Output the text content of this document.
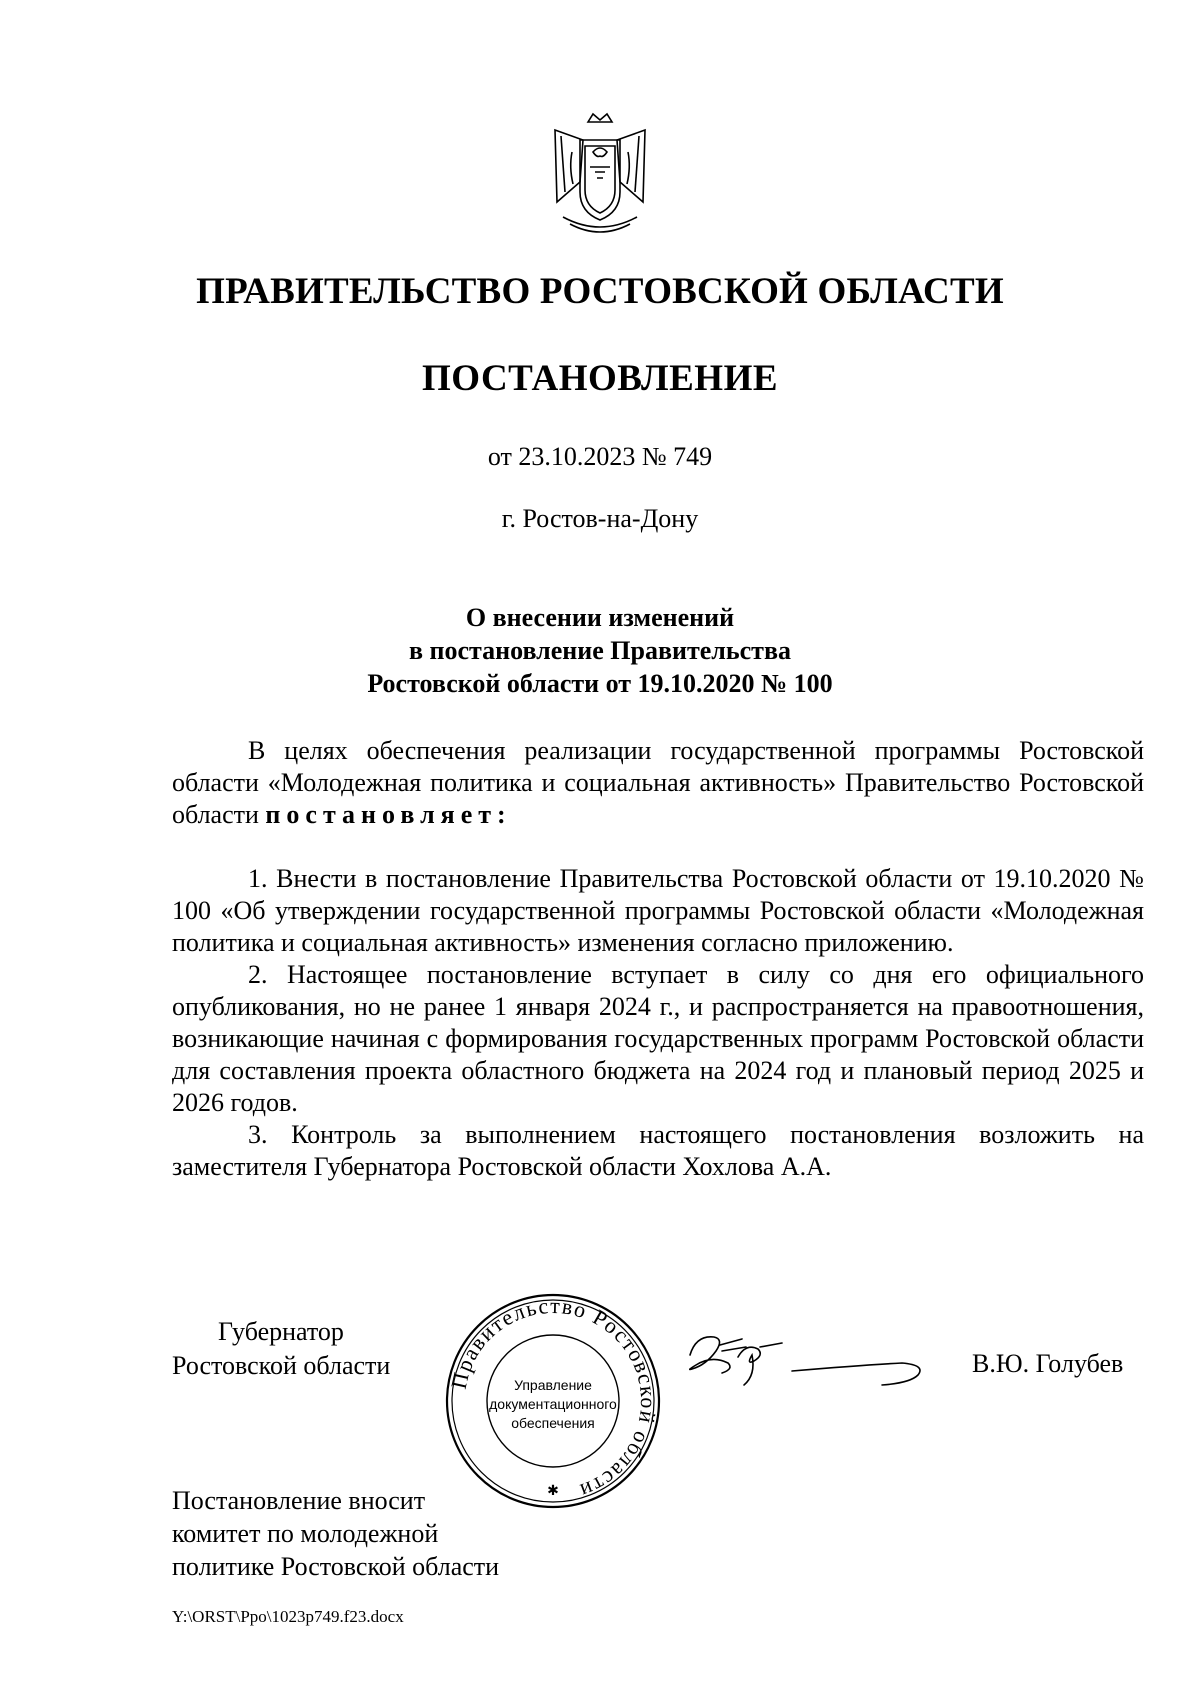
ПРАВИТЕЛЬСТВО РОСТОВСКОЙ ОБЛАСТИ
ПОСТАНОВЛЕНИЕ
от 23.10.2023 № 749
г. Ростов-на-Дону
О внесении изменений
в постановление Правительства
Ростовской области от 19.10.2020 № 100

В целях обеспечения реализации государственной программы Ростовской области «Молодежная политика и социальная активность» Правительство Ростовской области постановляет:

1. Внести в постановление Правительства Ростовской области от 19.10.2020 № 100 «Об утверждении государственной программы Ростовской области «Молодежная политика и социальная активность» изменения согласно приложению.

2. Настоящее постановление вступает в силу со дня его официального опубликования, но не ранее 1 января 2024 г., и распространяется на правоотношения, возникающие начиная с формирования государственных программ Ростовской области для составления проекта областного бюджета на 2024 год и плановый период 2025 и 2026 годов.

3. Контроль за выполнением настоящего постановления возложить на заместителя Губернатора Ростовской области Хохлова А.А.

Губернатор
Ростовской области	Правительство Ростовской области
Управление
документационного
обеспечения
✱
В.Ю. Голубев
Постановление вносит
комитет по молодежной
политике Ростовской области
Y:\ORST\Ppo\1023p749.f23.docx
